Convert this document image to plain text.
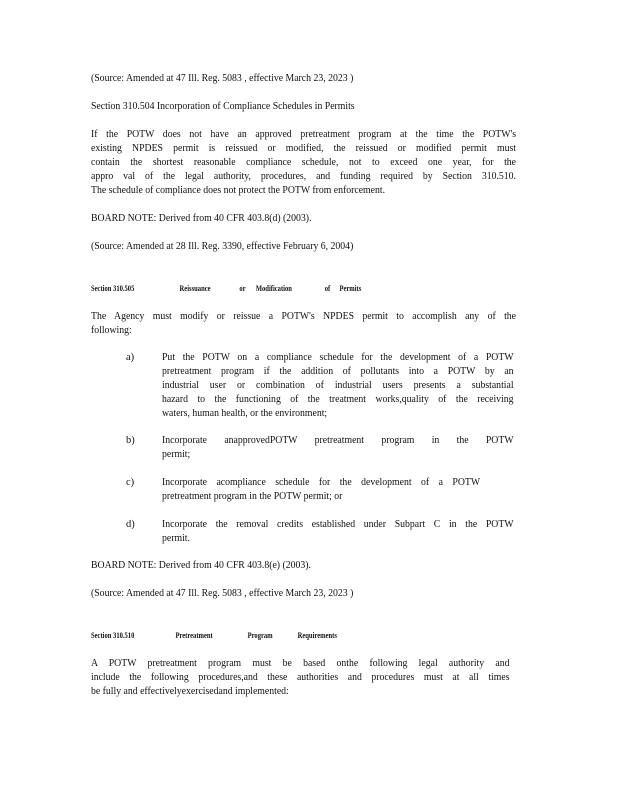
(Source: Amended at 47 Ill. Reg. 5083 , effective March 23, 2023 )
Section 310.504 Incorporation of Compliance Schedules in Permits
If the POTW does not have an approved pretreatment program at the time the POTW's
existing NPDES permit is reissued or modified, the reissued or modified permit must
contain the shortest reasonable compliance schedule, not to exceed one year, for the
appro val of the legal authority, procedures, and funding required by Section 310.510.
The schedule of compliance does not protect the POTW from enforcement.
BOARD NOTE: Derived from 40 CFR 403.8(d) (2003).
(Source: Amended at 28 Ill. Reg. 3390, effective February 6, 2004)
Section 310.505	Reissuance	or Modification	of Permits
The Agency must modify or reissue a POTW's NPDES permit to accomplish any of the
following:
a)	Put the POTW on a compliance schedule for the development of a POTW
pretreatment program if the addition of pollutants into a POTW by an
industrial user or combination of industrial users presents a substantial
hazard to the functioning of the treatment works,quality of the receiving
waters, human health, or the environment;
b)	Incorporate anapprovedPOTW pretreatment program in the POTW
permit;
c)	Incorporate acompliance schedule for the development of a POTW
pretreatment program in the POTW permit; or
d)	Incorporate the removal credits established under Subpart C in the POTW
permit.
BOARD NOTE: Derived from 40 CFR 403.8(e) (2003).
(Source: Amended at 47 Ill. Reg. 5083 , effective March 23, 2023 )
Section 310.510	Pretreatment	Program	Requirements
A POTW pretreatment program must be based onthe following legal authority and
include the following procedures,and these authorities and procedures must at all times
be fully and effectivelyexercisedand implemented:
